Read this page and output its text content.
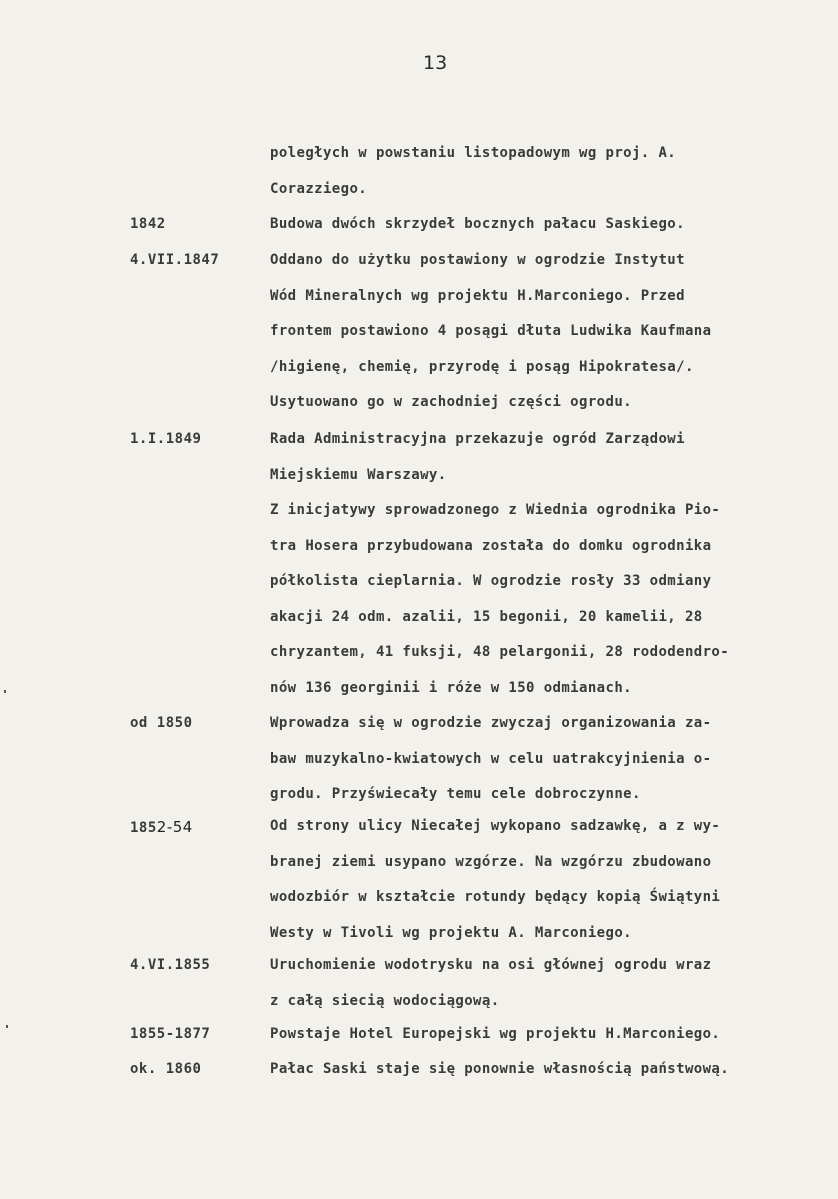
13
poległych w powstaniu listopadowym wg proj. A.
Corazziego.
1842	Budowa dwóch skrzydeł bocznych pałacu Saskiego.
4.VII.1847	Oddano do użytku postawiony w ogrodzie Instytut
Wód Mineralnych wg projektu H.Marconiego. Przed
frontem postawiono 4 posągi dłuta Ludwika Kaufmana
/higienę, chemię, przyrodę i posąg Hipokratesa/.
Usytuowano go w zachodniej części ogrodu.
1.I.1849	Rada Administracyjna przekazuje ogród Zarządowi
Miejskiemu Warszawy.
Z inicjatywy sprowadzonego z Wiednia ogrodnika Pio-
tra Hosera przybudowana została do domku ogrodnika
półkolista cieplarnia. W ogrodzie rosły 33 odmiany
akacji 24 odm. azalii, 15 begonii, 20 kamelii, 28
chryzantem, 41 fuksji, 48 pelargonii, 28 rododendro-
nów 136 georginii i róże w 150 odmianach.
od 1850	Wprowadza się w ogrodzie zwyczaj organizowania za-
baw muzykalno-kwiatowych w celu uatrakcyjnienia o-
grodu. Przyświecały temu cele dobroczynne.
1852-54	Od strony ulicy Niecałej wykopano sadzawkę, a z wy-
branej ziemi usypano wzgórze. Na wzgórzu zbudowano
wodozbiór w kształcie rotundy będący kopią Świątyni
Westy w Tivoli wg projektu A. Marconiego.
4.VI.1855	Uruchomienie wodotrysku na osi głównej ogrodu wraz
z całą siecią wodociągową.
1855-1877	Powstaje Hotel Europejski wg projektu H.Marconiego.
ok. 1860	Pałac Saski staje się ponownie własnością państwową.
